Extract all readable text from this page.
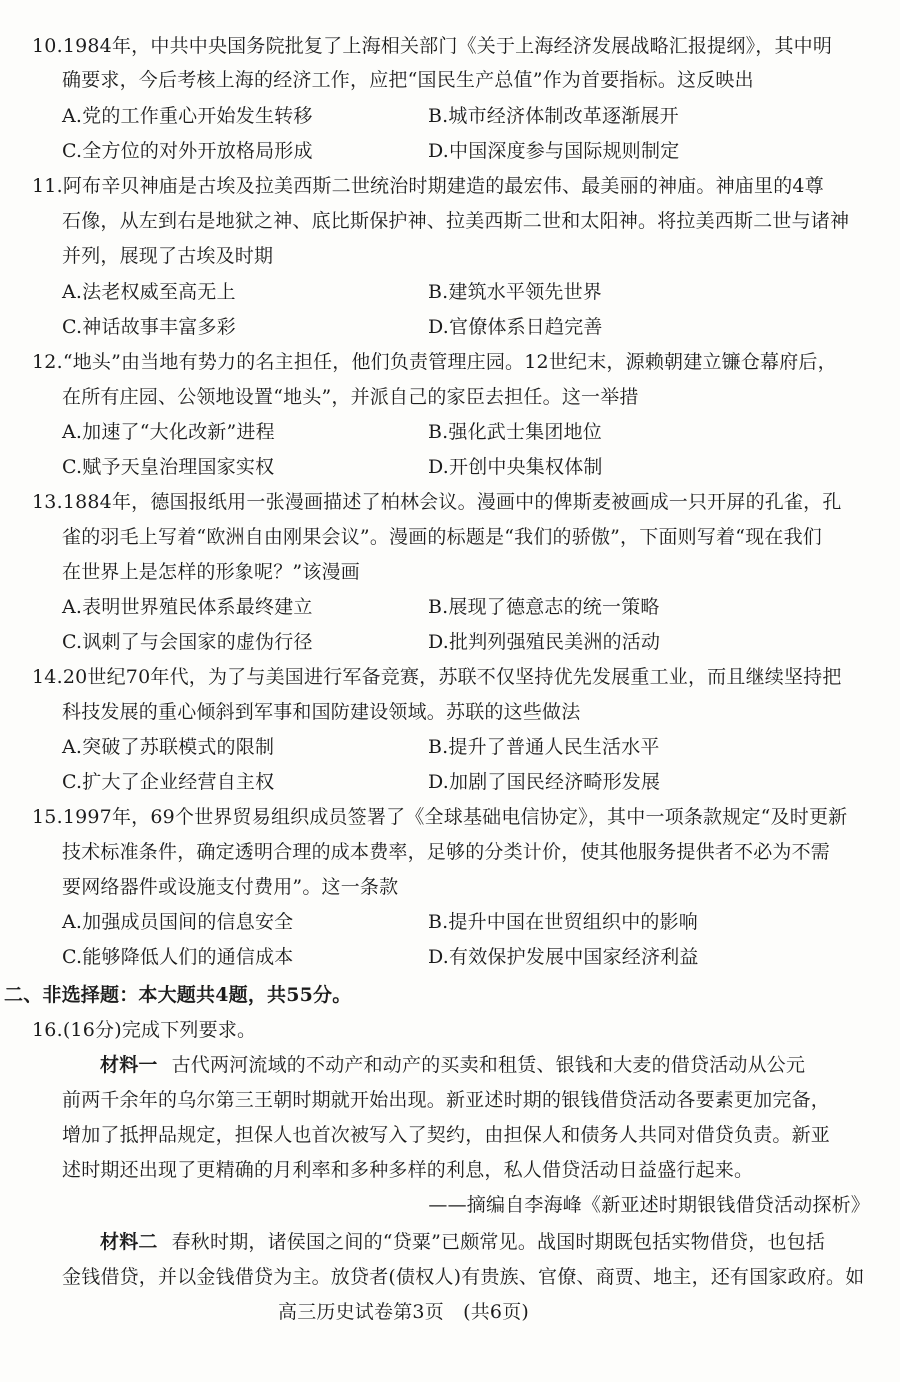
10.1984年，中共中央国务院批复了上海相关部门《关于上海经济发展战略汇报提纲》，其中明
确要求，今后考核上海的经济工作，应把“国民生产总值”作为首要指标。这反映出
A.党的工作重心开始发生转移	B.城市经济体制改革逐渐展开
C.全方位的对外开放格局形成	D.中国深度参与国际规则制定
11.阿布辛贝神庙是古埃及拉美西斯二世统治时期建造的最宏伟、最美丽的神庙。神庙里的4尊
石像，从左到右是地狱之神、底比斯保护神、拉美西斯二世和太阳神。将拉美西斯二世与诸神
并列，展现了古埃及时期
A.法老权威至高无上	B.建筑水平领先世界
C.神话故事丰富多彩	D.官僚体系日趋完善
12.“地头”由当地有势力的名主担任，他们负责管理庄园。12世纪末，源赖朝建立镰仓幕府后，
在所有庄园、公领地设置“地头”，并派自己的家臣去担任。这一举措
A.加速了“大化改新”进程	B.强化武士集团地位
C.赋予天皇治理国家实权	D.开创中央集权体制
13.1884年，德国报纸用一张漫画描述了柏林会议。漫画中的俾斯麦被画成一只开屏的孔雀，孔
雀的羽毛上写着“欧洲自由刚果会议”。漫画的标题是“我们的骄傲”，下面则写着“现在我们
在世界上是怎样的形象呢？”该漫画
A.表明世界殖民体系最终建立	B.展现了德意志的统一策略
C.讽刺了与会国家的虚伪行径	D.批判列强殖民美洲的活动
14.20世纪70年代，为了与美国进行军备竞赛，苏联不仅坚持优先发展重工业，而且继续坚持把
科技发展的重心倾斜到军事和国防建设领域。苏联的这些做法
A.突破了苏联模式的限制	B.提升了普通人民生活水平
C.扩大了企业经营自主权	D.加剧了国民经济畸形发展
15.1997年，69个世界贸易组织成员签署了《全球基础电信协定》，其中一项条款规定“及时更新
技术标准条件，确定透明合理的成本费率，足够的分类计价，使其他服务提供者不必为不需
要网络器件或设施支付费用”。这一条款
A.加强成员国间的信息安全	B.提升中国在世贸组织中的影响
C.能够降低人们的通信成本	D.有效保护发展中国家经济利益
二、非选择题：本大题共4题，共55分。
16.(16分)完成下列要求。
材料一 古代两河流域的不动产和动产的买卖和租赁、银钱和大麦的借贷活动从公元
前两千余年的乌尔第三王朝时期就开始出现。新亚述时期的银钱借贷活动各要素更加完备，
增加了抵押品规定，担保人也首次被写入了契约，由担保人和债务人共同对借贷负责。新亚
述时期还出现了更精确的月利率和多种多样的利息，私人借贷活动日益盛行起来。
——摘编自李海峰《新亚述时期银钱借贷活动探析》
材料二 春秋时期，诸侯国之间的“贷粟”已颇常见。战国时期既包括实物借贷，也包括
金钱借贷，并以金钱借贷为主。放贷者(债权人)有贵族、官僚、商贾、地主，还有国家政府。如
高三历史试卷第3页　(共6页)
